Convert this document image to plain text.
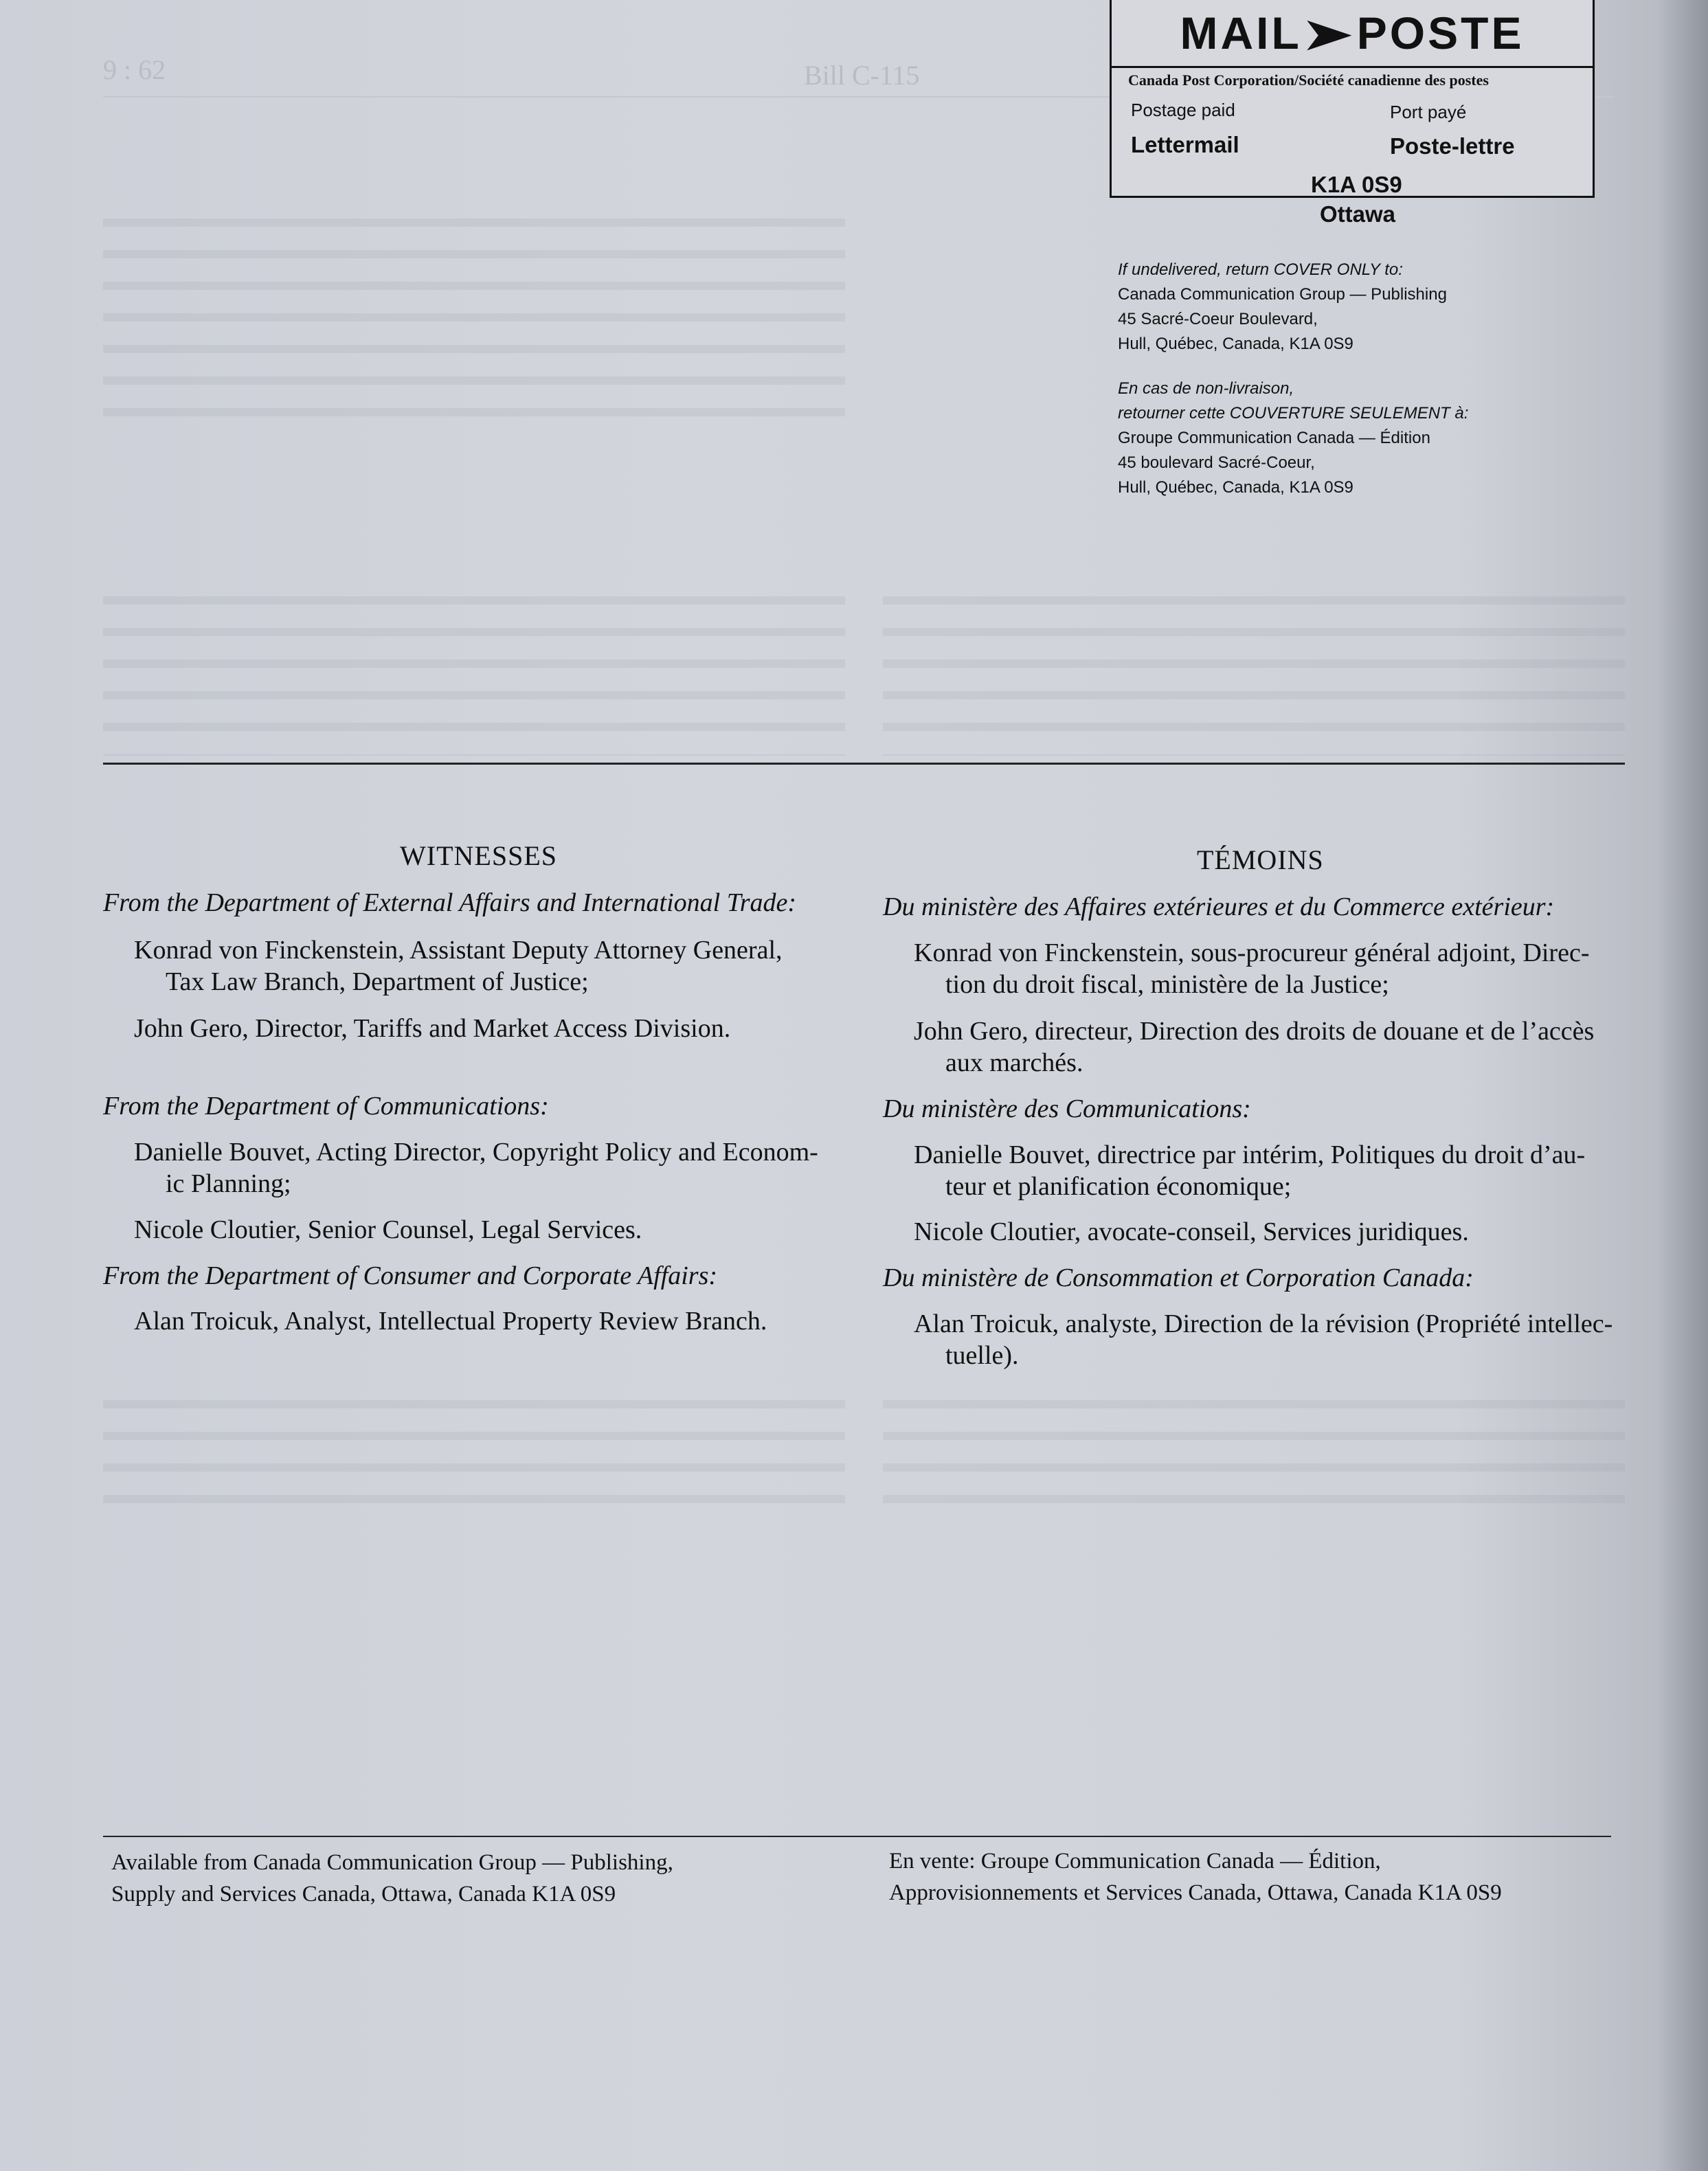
9 : 62	Bill C-115
MAIL➤POSTE
Canada Post Corporation/Société canadienne des postes
Postage paid	Port payé
Lettermail	Poste-lettre
K1A 0S9
Ottawa
If undelivered, return COVER ONLY to:
Canada Communication Group — Publishing
45 Sacré-Coeur Boulevard,
Hull, Québec, Canada, K1A 0S9
En cas de non-livraison,
retourner cette COUVERTURE SEULEMENT à:
Groupe Communication Canada — Édition
45 boulevard Sacré-Coeur,
Hull, Québec, Canada, K1A 0S9
WITNESSES
From the Department of External Affairs and International Trade:
Konrad von Finckenstein, Assistant Deputy Attorney General,
Tax Law Branch, Department of Justice;
John Gero, Director, Tariffs and Market Access Division.
From the Department of Communications:
Danielle Bouvet, Acting Director, Copyright Policy and Econom-
ic Planning;
Nicole Cloutier, Senior Counsel, Legal Services.
From the Department of Consumer and Corporate Affairs:
Alan Troicuk, Analyst, Intellectual Property Review Branch.
TÉMOINS
Du ministère des Affaires extérieures et du Commerce extérieur:
Konrad von Finckenstein, sous-procureur général adjoint, Direc-
tion du droit fiscal, ministère de la Justice;
John Gero, directeur, Direction des droits de douane et de l’accès
aux marchés.
Du ministère des Communications:
Danielle Bouvet, directrice par intérim, Politiques du droit d’au-
teur et planification économique;
Nicole Cloutier, avocate-conseil, Services juridiques.
Du ministère de Consommation et Corporation Canada:
Alan Troicuk, analyste, Direction de la révision (Propriété intellec-
tuelle).
Available from Canada Communication Group — Publishing,
Supply and Services Canada, Ottawa, Canada K1A 0S9
En vente: Groupe Communication Canada — Édition,
Approvisionnements et Services Canada, Ottawa, Canada K1A 0S9
